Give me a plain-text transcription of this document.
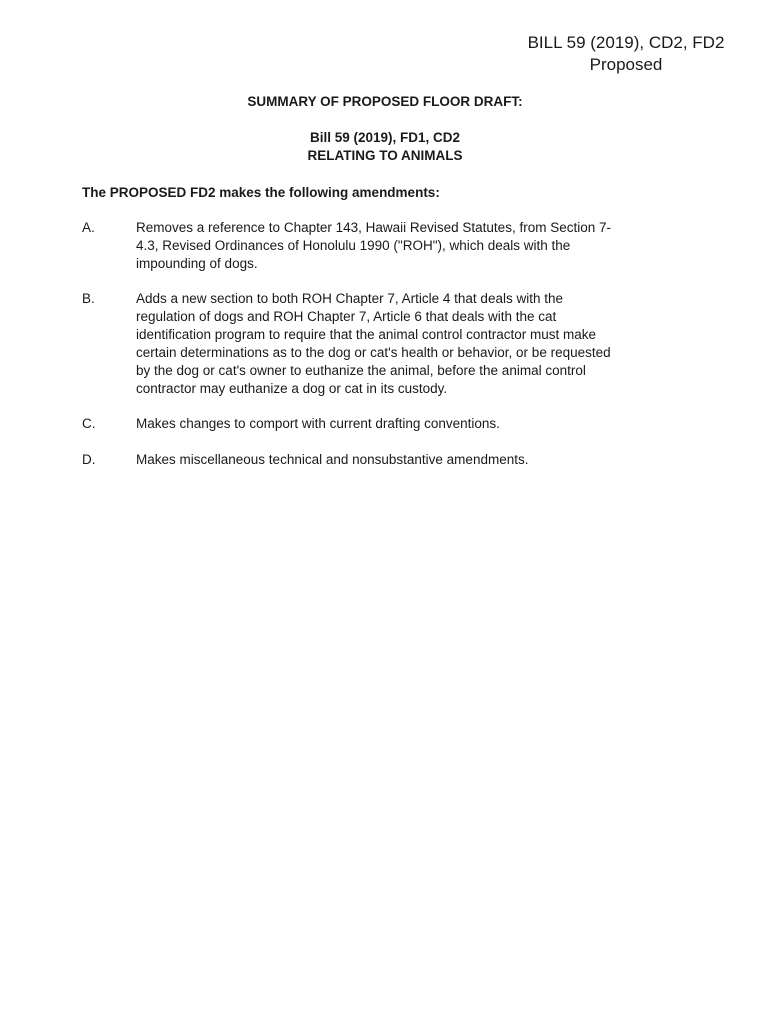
BILL 59 (2019), CD2, FD2
Proposed
SUMMARY OF PROPOSED FLOOR DRAFT:
Bill 59 (2019), FD1, CD2
RELATING TO ANIMALS
The PROPOSED FD2 makes the following amendments:
A.	Removes a reference to Chapter 143, Hawaii Revised Statutes, from Section 7-
4.3, Revised Ordinances of Honolulu 1990 ("ROH"), which deals with the
impounding of dogs.
B.	Adds a new section to both ROH Chapter 7, Article 4 that deals with the
regulation of dogs and ROH Chapter 7, Article 6 that deals with the cat
identification program to require that the animal control contractor must make
certain determinations as to the dog or cat's health or behavior, or be requested
by the dog or cat's owner to euthanize the animal, before the animal control
contractor may euthanize a dog or cat in its custody.
C.	Makes changes to comport with current drafting conventions.
D.	Makes miscellaneous technical and nonsubstantive amendments.
